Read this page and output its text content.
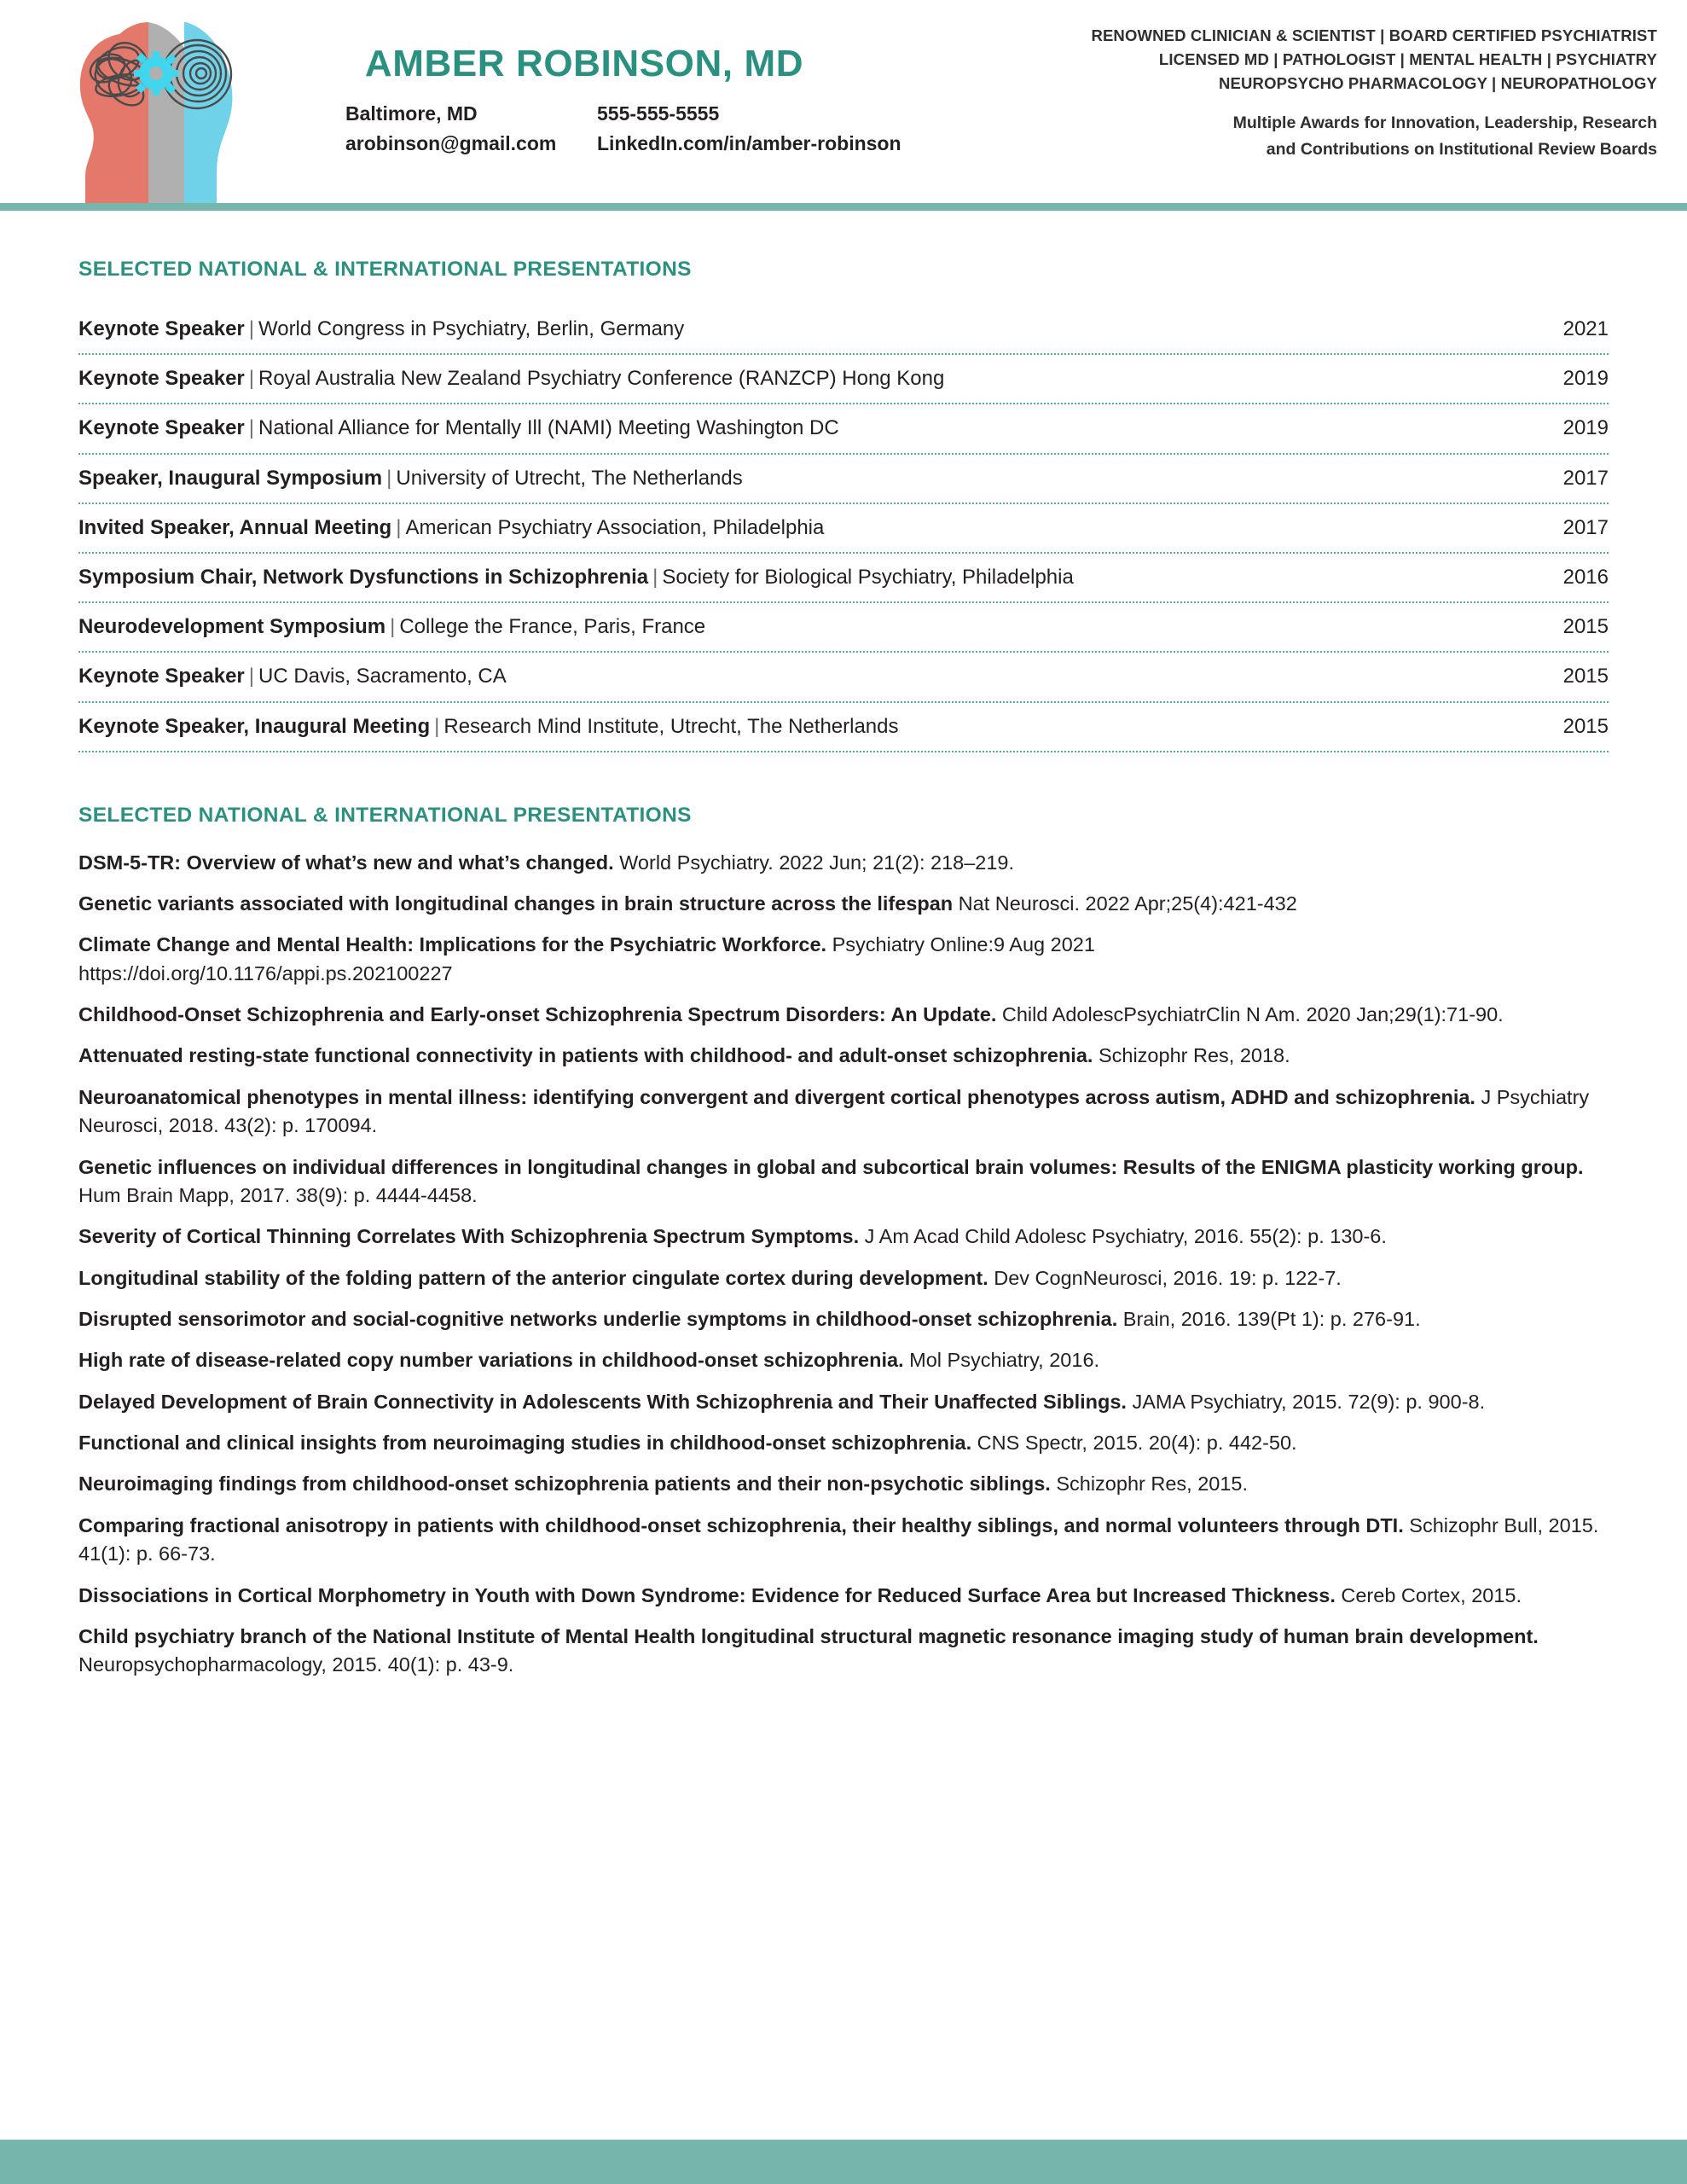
AMBER ROBINSON, MD
Baltimore, MD	555-555-5555
arobinson@gmail.com	LinkedIn.com/in/amber-robinson
RENOWNED CLINICIAN & SCIENTIST | BOARD CERTIFIED PSYCHIATRIST
LICENSED MD | PATHOLOGIST | MENTAL HEALTH | PSYCHIATRY
NEUROPSYCHO PHARMACOLOGY | NEUROPATHOLOGY
Multiple Awards for Innovation, Leadership, Research
and Contributions on Institutional Review Boards
SELECTED NATIONAL & INTERNATIONAL PRESENTATIONS
Keynote Speaker | World Congress in Psychiatry, Berlin, Germany	2021
Keynote Speaker | Royal Australia New Zealand Psychiatry Conference (RANZCP) Hong Kong	2019
Keynote Speaker | National Alliance for Mentally Ill (NAMI) Meeting Washington DC	2019
Speaker, Inaugural Symposium | University of Utrecht, The Netherlands	2017
Invited Speaker, Annual Meeting | American Psychiatry Association, Philadelphia	2017
Symposium Chair, Network Dysfunctions in Schizophrenia | Society for Biological Psychiatry, Philadelphia	2016
Neurodevelopment Symposium | College the France, Paris, France	2015
Keynote Speaker | UC Davis, Sacramento, CA	2015
Keynote Speaker, Inaugural Meeting | Research Mind Institute, Utrecht, The Netherlands	2015
SELECTED NATIONAL & INTERNATIONAL PRESENTATIONS
DSM-5-TR: Overview of what’s new and what’s changed. World Psychiatry. 2022 Jun; 21(2): 218–219.
Genetic variants associated with longitudinal changes in brain structure across the lifespan Nat Neurosci. 2022 Apr;25(4):421-432
Climate Change and Mental Health: Implications for the Psychiatric Workforce. Psychiatry Online:9 Aug 2021
https://doi.org/10.1176/appi.ps.202100227
Childhood-Onset Schizophrenia and Early-onset Schizophrenia Spectrum Disorders: An Update. Child AdolescPsychiatrClin N Am. 2020 Jan;29(1):71-90.
Attenuated resting-state functional connectivity in patients with childhood- and adult-onset schizophrenia. Schizophr Res, 2018.
Neuroanatomical phenotypes in mental illness: identifying convergent and divergent cortical phenotypes across autism, ADHD and schizophrenia. J Psychiatry Neurosci, 2018. 43(2): p. 170094.
Genetic influences on individual differences in longitudinal changes in global and subcortical brain volumes: Results of the ENIGMA plasticity working group. Hum Brain Mapp, 2017. 38(9): p. 4444-4458.
Severity of Cortical Thinning Correlates With Schizophrenia Spectrum Symptoms. J Am Acad Child Adolesc Psychiatry, 2016. 55(2): p. 130-6.
Longitudinal stability of the folding pattern of the anterior cingulate cortex during development. Dev CognNeurosci, 2016. 19: p. 122-7.
Disrupted sensorimotor and social-cognitive networks underlie symptoms in childhood-onset schizophrenia. Brain, 2016. 139(Pt 1): p. 276-91.
High rate of disease-related copy number variations in childhood-onset schizophrenia. Mol Psychiatry, 2016.
Delayed Development of Brain Connectivity in Adolescents With Schizophrenia and Their Unaffected Siblings. JAMA Psychiatry, 2015. 72(9): p. 900-8.
Functional and clinical insights from neuroimaging studies in childhood-onset schizophrenia. CNS Spectr, 2015. 20(4): p. 442-50.
Neuroimaging findings from childhood-onset schizophrenia patients and their non-psychotic siblings. Schizophr Res, 2015.
Comparing fractional anisotropy in patients with childhood-onset schizophrenia, their healthy siblings, and normal volunteers through DTI. Schizophr Bull, 2015. 41(1): p. 66-73.
Dissociations in Cortical Morphometry in Youth with Down Syndrome: Evidence for Reduced Surface Area but Increased Thickness. Cereb Cortex, 2015.
Child psychiatry branch of the National Institute of Mental Health longitudinal structural magnetic resonance imaging study of human brain development. Neuropsychopharmacology, 2015. 40(1): p. 43-9.
